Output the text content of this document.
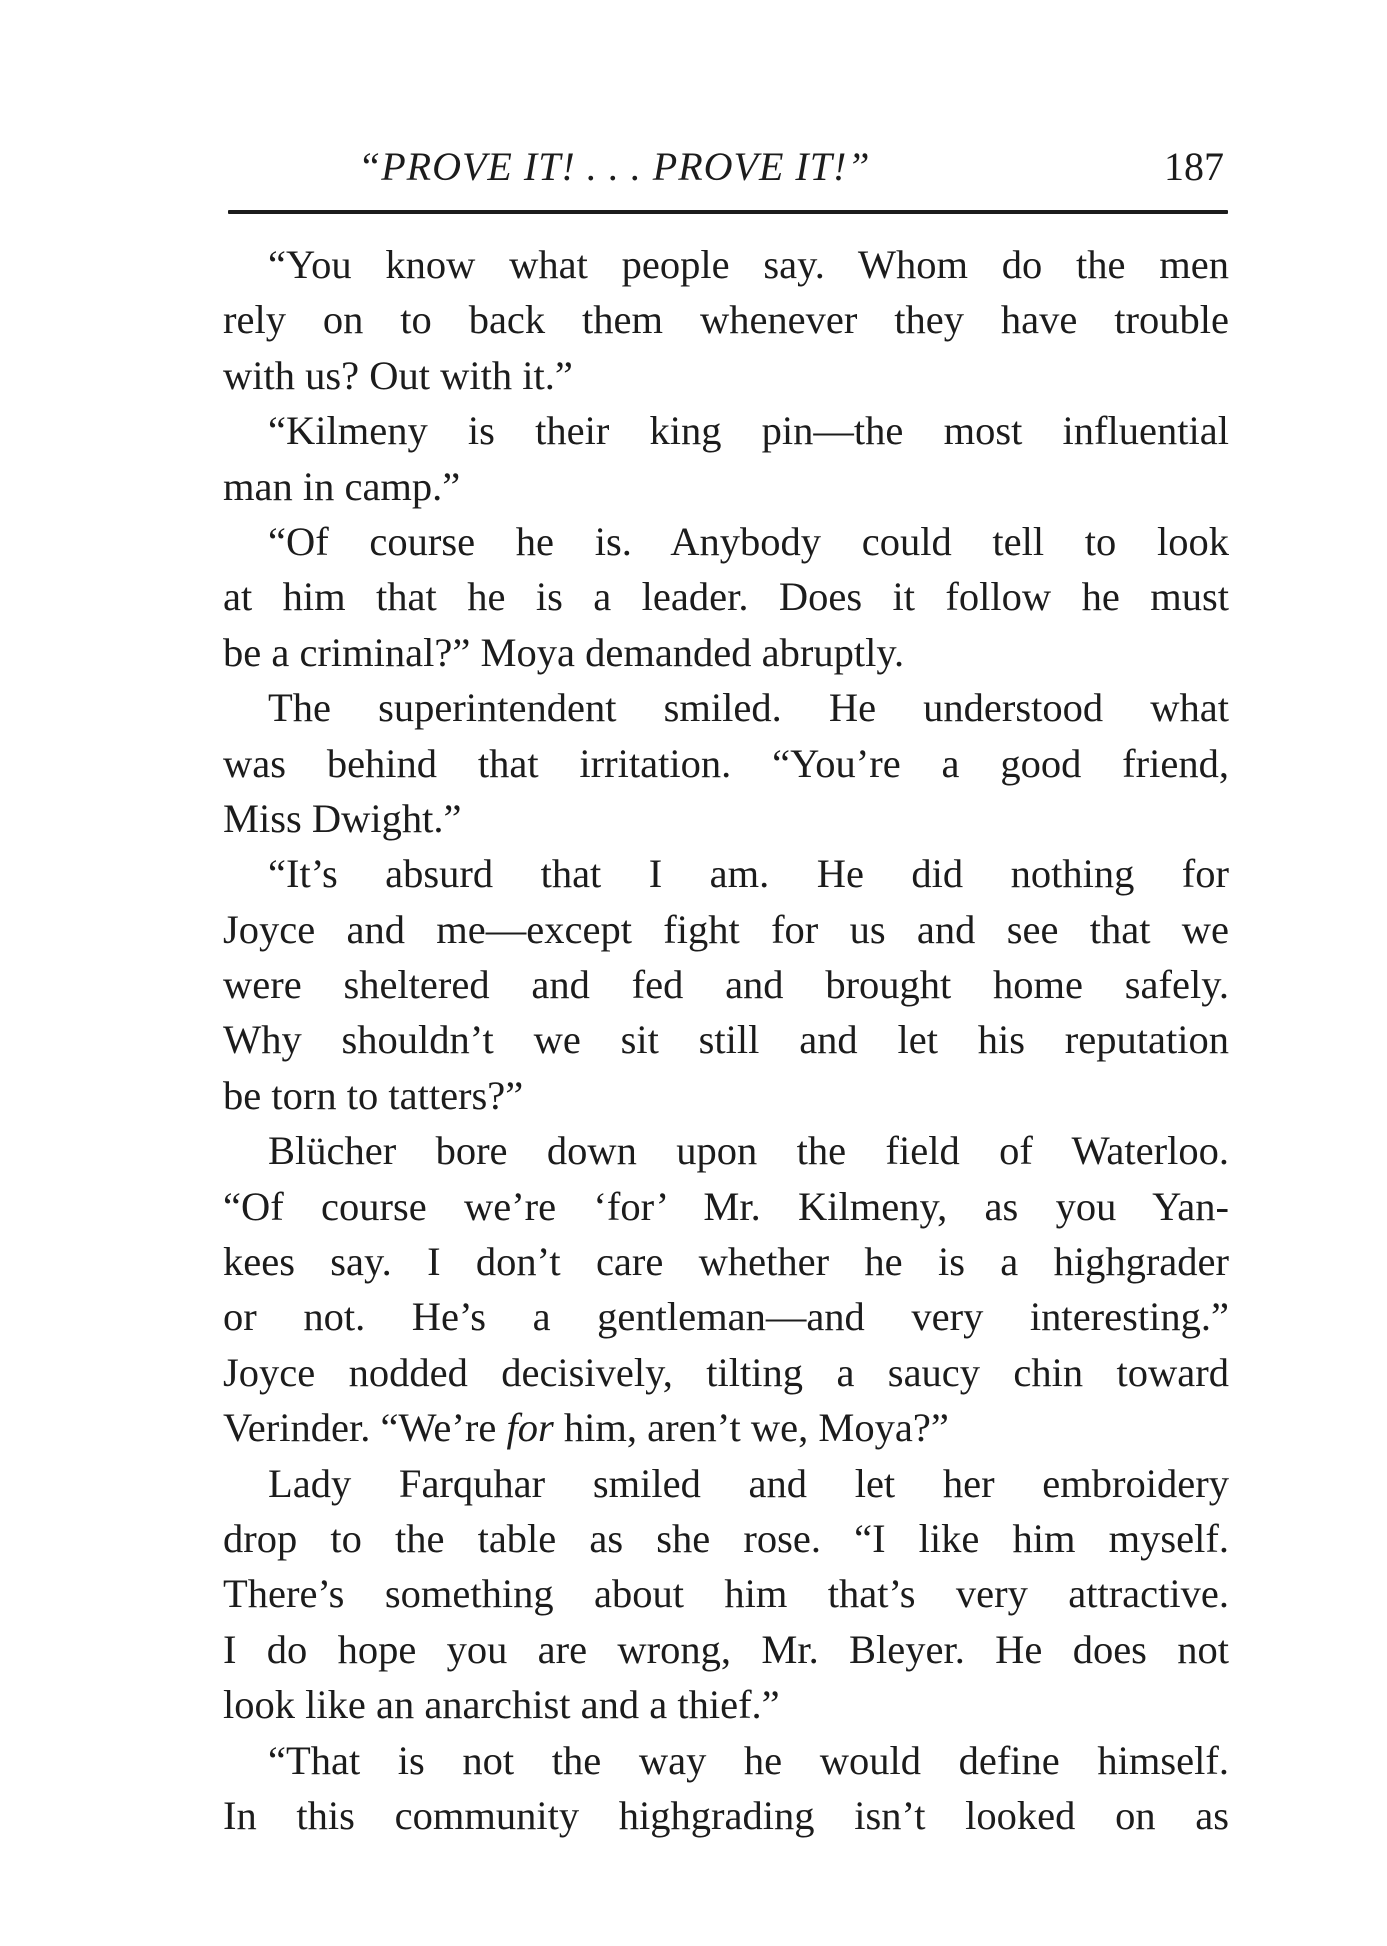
“PROVE IT! . . . PROVE IT!”	187
“You know what people say. Whom do the men
rely on to back them whenever they have trouble
with us? Out with it.”
“Kilmeny is their king pin—the most influential
man in camp.”
“Of course he is. Anybody could tell to look
at him that he is a leader. Does it follow he must
be a criminal?” Moya demanded abruptly.
The superintendent smiled. He understood what
was behind that irritation. “You’re a good friend,
Miss Dwight.”
“It’s absurd that I am. He did nothing for
Joyce and me—except fight for us and see that we
were sheltered and fed and brought home safely.
Why shouldn’t we sit still and let his reputation
be torn to tatters?”
Blücher bore down upon the field of Waterloo.
“Of course we’re ‘for’ Mr. Kilmeny, as you Yan-
kees say. I don’t care whether he is a highgrader
or not. He’s a gentleman—and very interesting.”
Joyce nodded decisively, tilting a saucy chin toward
Verinder. “We’re for him, aren’t we, Moya?”
Lady Farquhar smiled and let her embroidery
drop to the table as she rose. “I like him myself.
There’s something about him that’s very attractive.
I do hope you are wrong, Mr. Bleyer. He does not
look like an anarchist and a thief.”
“That is not the way he would define himself.
In this community highgrading isn’t looked on as
